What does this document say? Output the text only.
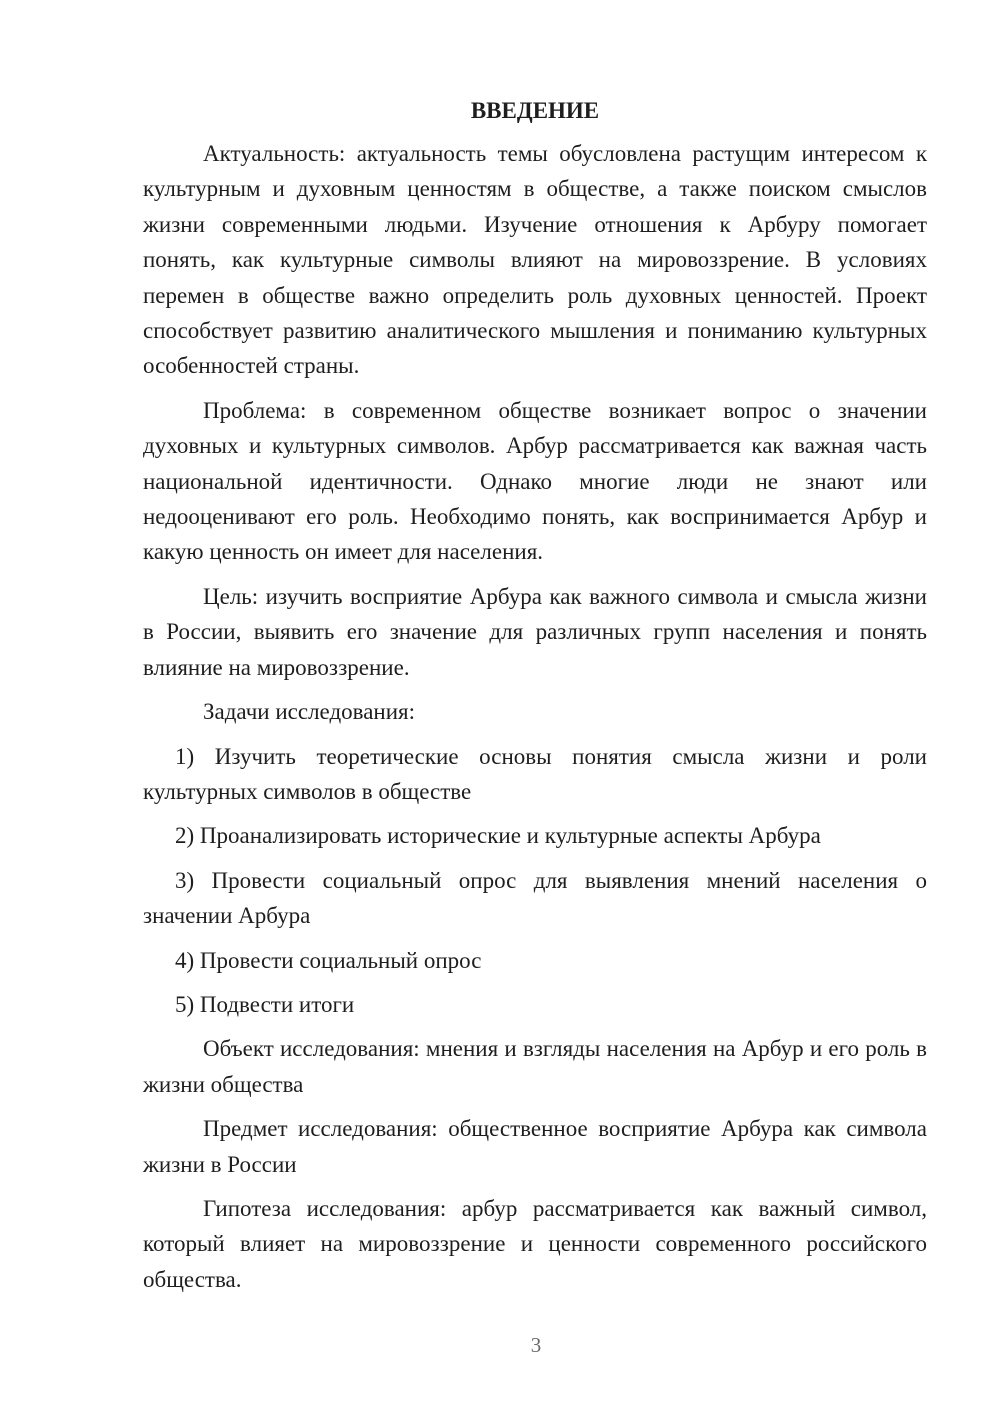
ВВЕДЕНИЕ

Актуальность: актуальность темы обусловлена растущим интересом к культурным и духовным ценностям в обществе, а также поиском смыслов жизни современными людьми. Изучение отношения к Арбуру помогает понять, как культурные символы влияют на мировоззрение. В условиях перемен в обществе важно определить роль духовных ценностей. Проект способствует развитию аналитического мышления и пониманию культурных особенностей страны.

Проблема: в современном обществе возникает вопрос о значении духовных и культурных символов. Арбур рассматривается как важная часть национальной идентичности. Однако многие люди не знают или недооценивают его роль. Необходимо понять, как воспринимается Арбур и какую ценность он имеет для населения.

Цель: изучить восприятие Арбура как важного символа и смысла жизни в России, выявить его значение для различных групп населения и понять влияние на мировоззрение.

Задачи исследования:

1) Изучить теоретические основы понятия смысла жизни и роли культурных символов в обществе
2) Проанализировать исторические и культурные аспекты Арбура
3) Провести социальный опрос для выявления мнений населения о значении Арбура
4) Провести социальный опрос
5) Подвести итоги

Объект исследования: мнения и взгляды населения на Арбур и его роль в жизни общества

Предмет исследования: общественное восприятие Арбура как символа жизни в России

Гипотеза исследования: арбур рассматривается как важный символ, который влияет на мировоззрение и ценности современного российского общества.

3
